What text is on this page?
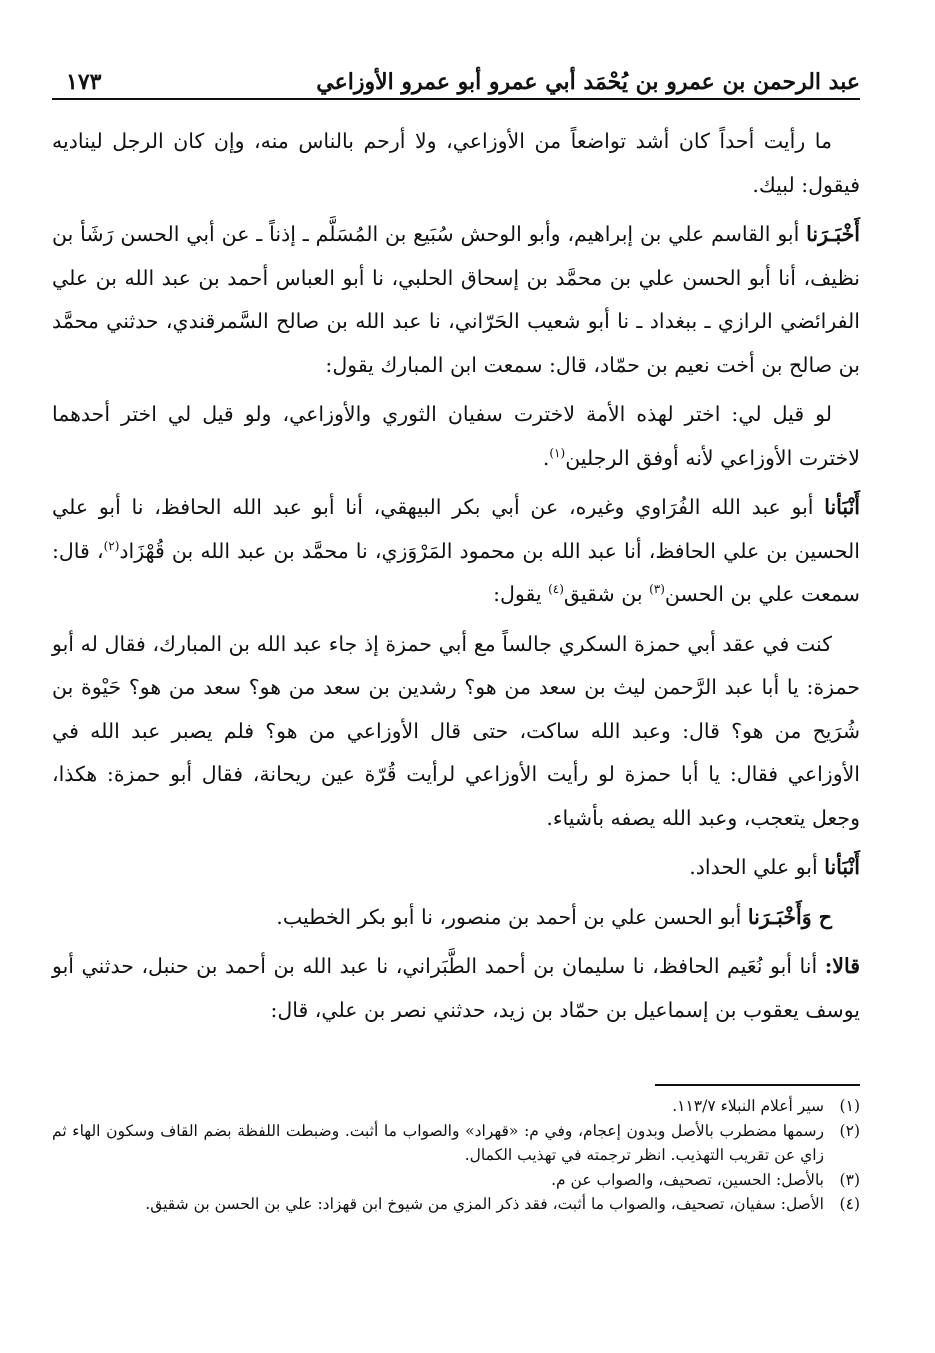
عبد الرحمن بن عمرو بن يُحْمَد أبي عمرو أبو عمرو الأوزاعي
١٧٣

ما رأيت أحداً كان أشد تواضعاً من الأوزاعي، ولا أرحم بالناس منه، وإن كان الرجل ليناديه فيقول: لبيك.

أَخْبَـرَنا أبو القاسم علي بن إبراهيم، وأبو الوحش سُبَيع بن المُسَلَّم ـ إذناً ـ عن أبي الحسن رَشَأ بن نظيف، أنا أبو الحسن علي بن محمَّد بن إسحاق الحلبي، نا أبو العباس أحمد بن عبد الله بن علي الفرائضي الرازي ـ ببغداد ـ نا أبو شعيب الحَرّاني، نا عبد الله بن صالح السَّمرقندي، حدثني محمَّد بن صالح بن أخت نعيم بن حمّاد، قال: سمعت ابن المبارك يقول:

لو قيل لي: اختر لهذه الأمة لاخترت سفيان الثوري والأوزاعي، ولو قيل لي اختر أحدهما لاخترت الأوزاعي لأنه أوفق الرجلين$^{(١)}$.

أَنْبَأنا أبو عبد الله الفُرَاوي وغيره، عن أبي بكر البيهقي، أنا أبو عبد الله الحافظ، نا أبو علي الحسين بن علي الحافظ، أنا عبد الله بن محمود المَرْوَزي، نا محمَّد بن عبد الله بن قُهْزَاد$^{(٢)}$، قال: سمعت علي بن الحسن$^{(٣)}$ بن شقيق$^{(٤)}$ يقول:

كنت في عقد أبي حمزة السكري جالساً مع أبي حمزة إذ جاء عبد الله بن المبارك، فقال له أبو حمزة: يا أبا عبد الرَّحمن ليث بن سعد من هو؟ رشدين بن سعد من هو؟ سعد من هو؟ حَيْوة بن شُرَيح من هو؟ قال: وعبد الله ساكت، حتى قال الأوزاعي من هو؟ فلم يصبر عبد الله في الأوزاعي فقال: يا أبا حمزة لو رأيت الأوزاعي لرأيت قُرّة عين ريحانة، فقال أبو حمزة: هكذا، وجعل يتعجب، وعبد الله يصفه بأشياء.

أَنْبَأنا أبو علي الحداد.

ح وَأَخْبَـرَنا أبو الحسن علي بن أحمد بن منصور، نا أبو بكر الخطيب.

قالا: أنا أبو نُعَيم الحافظ، نا سليمان بن أحمد الطَّبَراني، نا عبد الله بن أحمد بن حنبل، حدثني أبو يوسف يعقوب بن إسماعيل بن حمّاد بن زيد، حدثني نصر بن علي، قال:

(١)
سير أعلام النبلاء ١١٣/٧.
(٢)
رسمها مضطرب بالأصل وبدون إعجام، وفي م: «قهراد» والصواب ما أثبت. وضبطت اللفظة بضم القاف وسكون الهاء ثم زاي عن تقريب التهذيب. انظر ترجمته في تهذيب الكمال.
(٣)
بالأصل: الحسين، تصحيف، والصواب عن م.
(٤)
الأصل: سفيان، تصحيف، والصواب ما أثبت، فقد ذكر المزي من شيوخ ابن قهزاد: علي بن الحسن بن شقيق.
